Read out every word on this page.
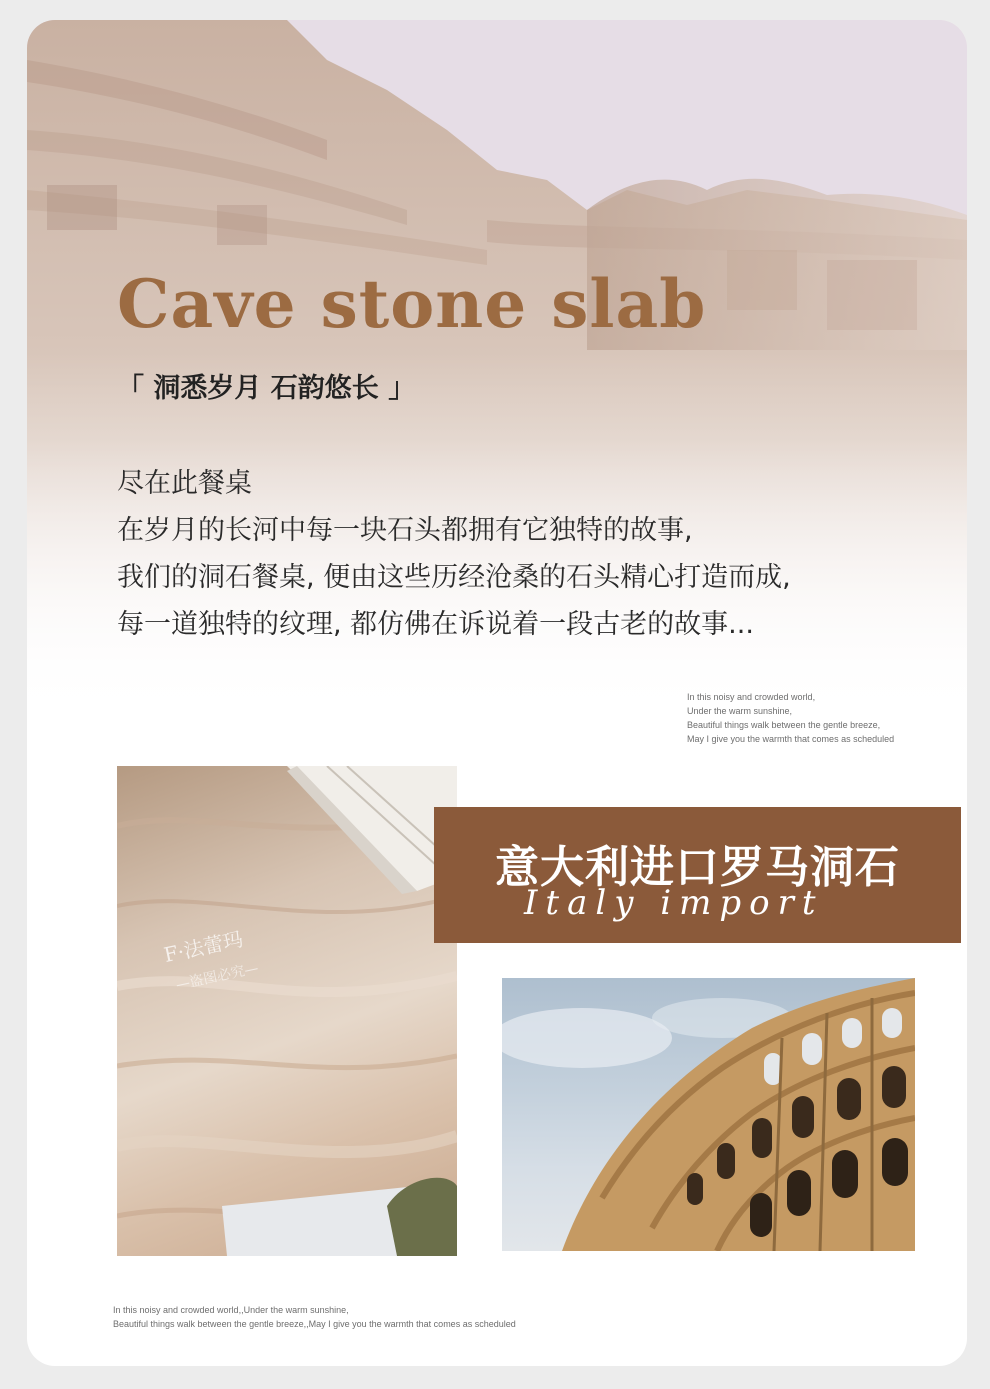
Cave stone slab
「 洞悉岁月 石韵悠长 」
尽在此餐桌
在岁月的长河中每一块石头都拥有它独特的故事,
我们的洞石餐桌, 便由这些历经沧桑的石头精心打造而成,
每一道独特的纹理, 都仿佛在诉说着一段古老的故事...
In this noisy and crowded world,
Under the warm sunshine,
Beautiful things walk between the gentle breeze,
May I give you the warmth that comes as scheduled
F·法蕾玛
—盗图必究—
意大利进口罗马洞石
Italy import
In this noisy and crowded world,,Under the warm sunshine,
Beautiful things walk between the gentle breeze,,May I give you the warmth that comes as scheduled
